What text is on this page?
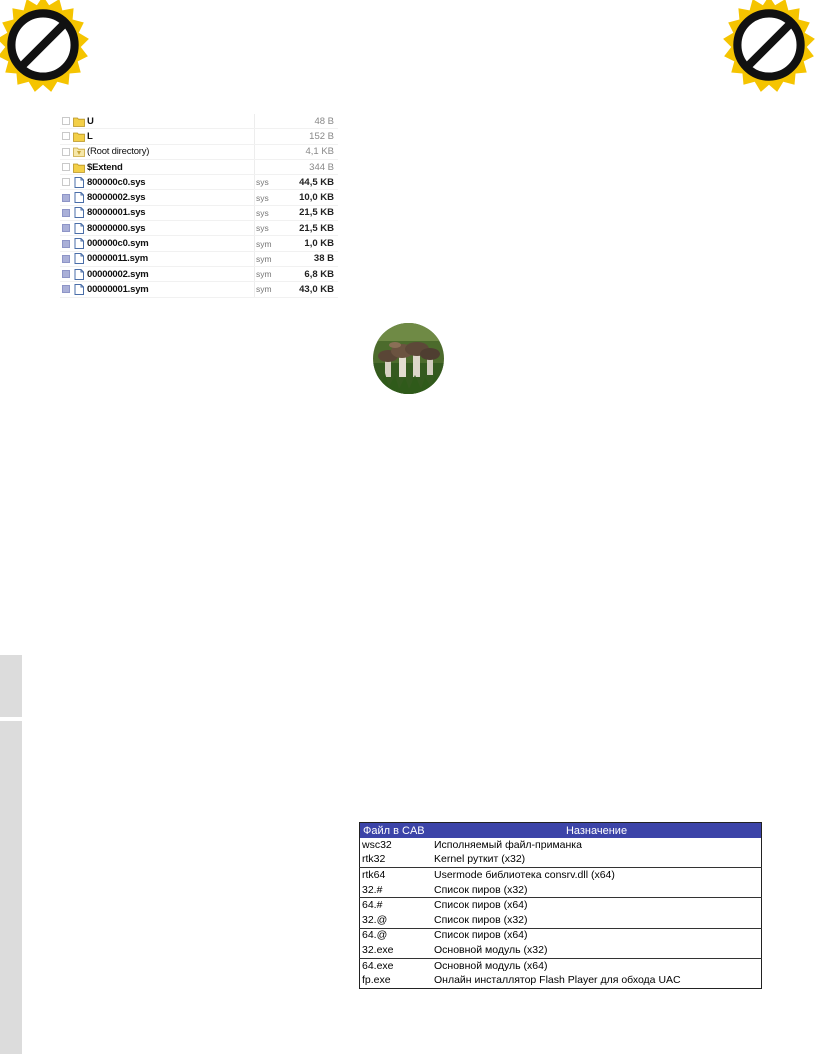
U	48 B
L	152 B
(Root directory)	4,1 KB
$Extend	344 B
800000c0.sys	sys	44,5 KB
80000002.sys	sys	10,0 KB
80000001.sys	sys	21,5 KB
80000000.sys	sys	21,5 KB
000000c0.sym	sym	1,0 KB
00000011.sym	sym	38 B
00000002.sym	sym	6,8 KB
00000001.sym	sym	43,0 KB
Файл в CAB	Назначение
wsc32	Исполняемый файл-приманка
rtk32	Kernel руткит (x32)
rtk64	Usermode библиотека consrv.dll (x64)
32.#	Список пиров (x32)
64.#	Список пиров (x64)
32.@	Список пиров (x32)
64.@	Список пиров (x64)
32.exe	Основной модуль (x32)
64.exe	Основной модуль (x64)
fp.exe	Онлайн инсталлятор Flash Player для обхода UAC
